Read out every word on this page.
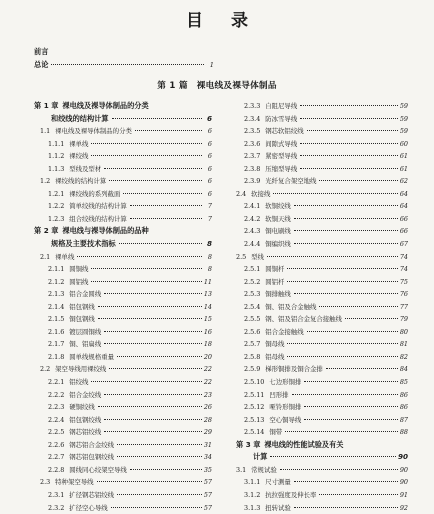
目录
前言
总论	1
第 1 篇　裸电线及裸导体制品
第 1 章 裸电线及裸导体制品的分类
和绞线的结构计算	6
1.1 裸电线及裸导体制品的分类	6
1.1.1 裸单线	6
1.1.2 裸绞线	6
1.1.3 型线及型材	6
1.2 裸绞线的结构计算	6
1.2.1 裸绞线的系列截面	6
1.2.2 简单绞线的结构计算	7
1.2.3 组合绞线的结构计算	7
第 2 章 裸电线与裸导体制品的品种
规格及主要技术指标	8
2.1 裸单线	8
2.1.1 圆铜线	8
2.1.2 圆铝线	11
2.1.3 铝合金圆线	13
2.1.4 铝包钢线	14
2.1.5 铜包钢线	15
2.1.6 镀层圆铜线	16
2.1.7 铜、铝扁线	18
2.1.8 圆单线规格重量	20
2.2 架空导线用裸绞线	22
2.2.1 铝绞线	22
2.2.2 铝合金绞线	23
2.2.3 硬铜绞线	26
2.2.4 铝包钢绞线	28
2.2.5 钢芯铝绞线	29
2.2.6 钢芯铝合金绞线	31
2.2.7 钢芯铝包钢绞线	34
2.2.8 圆线同心绞架空导线	35
2.3 特种架空导线	57
2.3.1 扩径钢芯铝绞线	57
2.3.2 扩径空心导线	57
2.3.3 自阻尼导线	59
2.3.4 防冰雪导线	59
2.3.5 钢芯软铝绞线	59
2.3.6 间隙式导线	60
2.3.7 紧密型导线	61
2.3.8 压缩型导线	61
2.3.9 光纤复合架空地线	62
2.4 软接线	64
2.4.1 软铜绞线	64
2.4.2 软铜天线	66
2.4.3 铜电刷线	66
2.4.4 铜编织线	67
2.5 型线	74
2.5.1 圆铜杆	74
2.5.2 圆铝杆	75
2.5.3 铜排触线	76
2.5.4 铜、铝及合金触线	77
2.5.5 钢、铝及铝合金复合接触线	79
2.5.6 铝合金接触线	80
2.5.7 铜母线	81
2.5.8 铝母线	82
2.5.9 梯形铜排及铜合金排	84
2.5.10 七边形铜排	85
2.5.11 凹形排	86
2.5.12 哑铃形铜排	86
2.5.13 空心铜导线	87
2.5.14 铜带	88
第 3 章 裸电线的性能试验及有关
计算	90
3.1 常规试验	90
3.1.1 尺寸测量	90
3.1.2 抗拉强度及伸长率	91
3.1.3 扭转试验	92
